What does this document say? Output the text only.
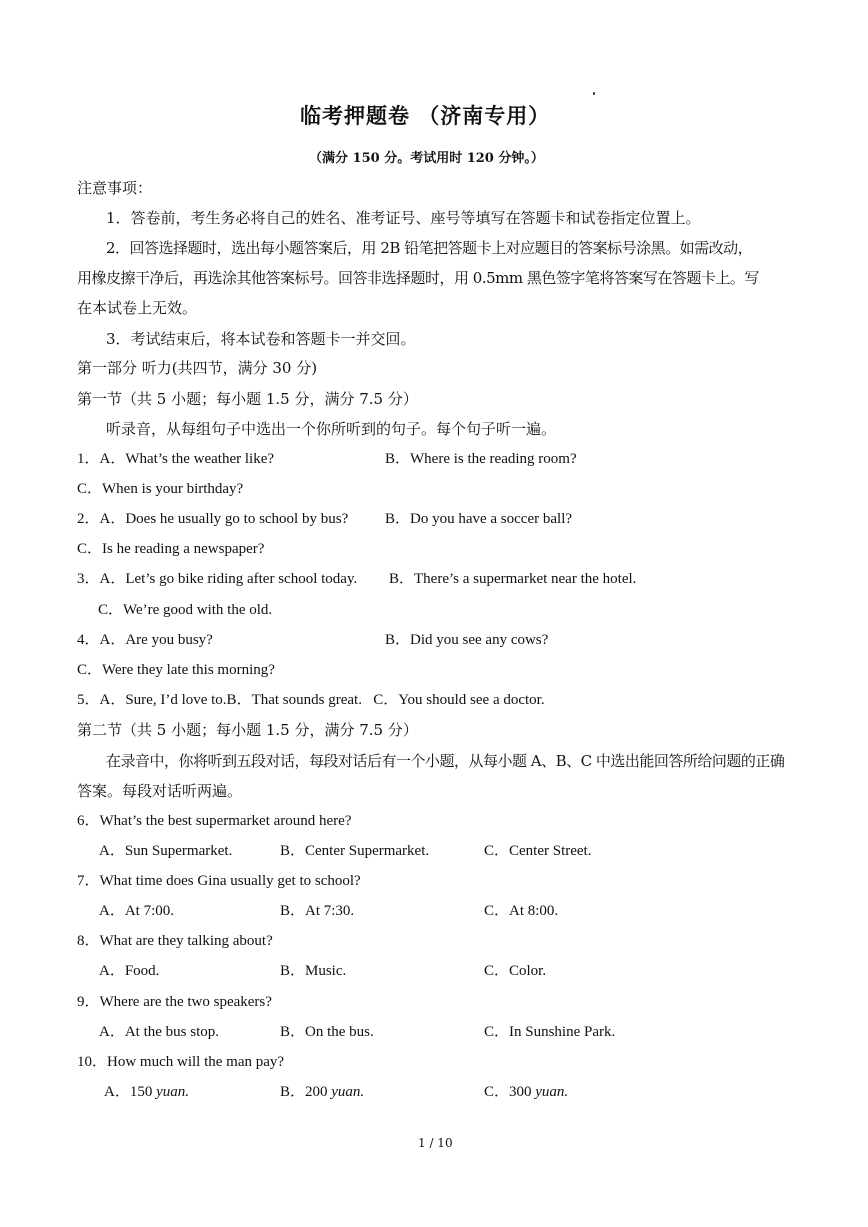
临考押题卷 （济南专用）
（满分 150 分。考试用时 120 分钟。）
注意事项：
1．答卷前，考生务必将自己的姓名、准考证号、座号等填写在答题卡和试卷指定位置上。
2．回答选择题时，选出每小题答案后，用 2B 铅笔把答题卡上对应题目的答案标号涂黑。如需改动，
用橡皮擦干净后，再选涂其他答案标号。回答非选择题时，用 0.5mm 黑色签字笔将答案写在答题卡上。写
在本试卷上无效。
3．考试结束后，将本试卷和答题卡一并交回。
第一部分 听力(共四节，满分 30 分)
第一节（共 5 小题；每小题 1.5 分，满分 7.5 分）
听录音，从每组句子中选出一个你所听到的句子。每个句子听一遍。
1．A．What’s the weather like?	B．Where is the reading room?
C．When is your birthday?
2．A．Does he usually go to school by bus? B．Do you have a soccer ball?
C．Is he reading a newspaper?
3．A．Let’s go bike riding after school today. B．There’s a supermarket near the hotel.
C．We’re good with the old.
4．A．Are you busy?	B．Did you see any cows?
C．Were they late this morning?
5．A．Sure, I’d love to.B．That sounds great.   C．You should see a doctor.
第二节（共 5 小题；每小题 1.5 分，满分 7.5 分）
在录音中，你将听到五段对话，每段对话后有一个小题，从每小题 A、B、C 中选出能回答所给问题的正确
答案。每段对话听两遍。
6．What’s the best supermarket around here?
A．Sun Supermarket.	B．Center Supermarket.	C．Center Street.
7．What time does Gina usually get to school?
A．At 7:00.	B．At 7:30.	C．At 8:00.
8．What are they talking about?
A．Food.	B．Music.	C．Color.
9．Where are the two speakers?
A．At the bus stop.	B．On the bus.	C．In Sunshine Park.
10．How much will the man pay?
A．150 yuan.	B．200 yuan.	C．300 yuan.
1 / 10
